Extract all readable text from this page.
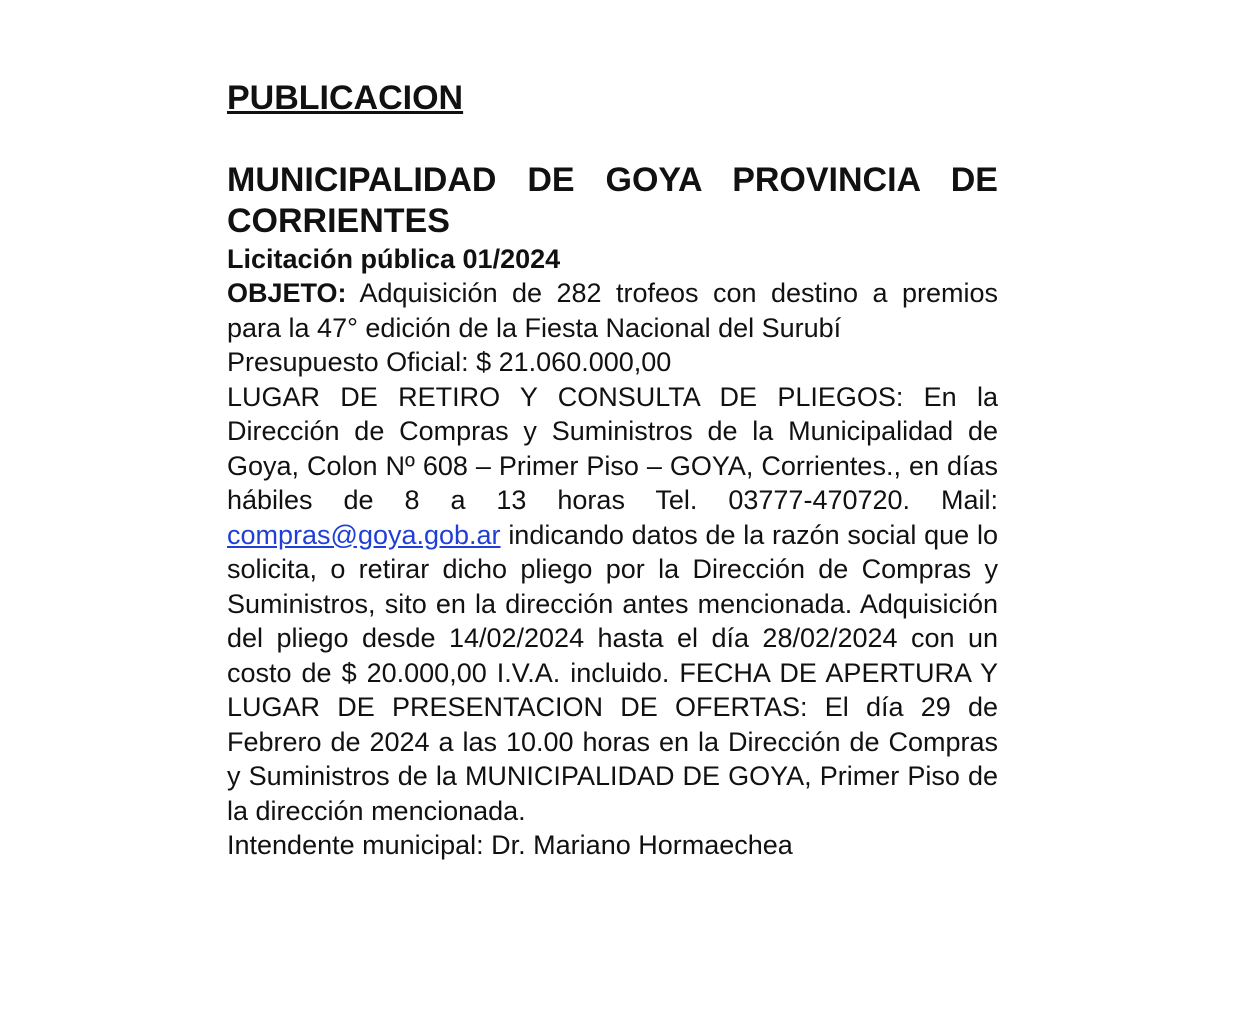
PUBLICACION
MUNICIPALIDAD DE GOYA PROVINCIA DE CORRIENTES
Licitación pública 01/2024

OBJETO: Adquisición de 282 trofeos con destino a premios para la 47° edición de la Fiesta Nacional del Surubí

Presupuesto Oficial: $ 21.060.000,00

LUGAR DE RETIRO Y CONSULTA DE PLIEGOS: En la Dirección de Compras y Suministros de la Municipalidad de Goya, Colon Nº 608 – Primer Piso – GOYA, Corrientes., en días hábiles de 8 a 13 horas Tel. 03777-470720. Mail: compras@goya.gob.ar indicando datos de la razón social que lo solicita, o retirar dicho pliego por la Dirección de Compras y Suministros, sito en la dirección antes mencionada. Adquisición del pliego desde 14/02/2024 hasta el día 28/02/2024 con un costo de $ 20.000,00 I.V.A. incluido. FECHA DE APERTURA Y LUGAR DE PRESENTACION DE OFERTAS: El día 29 de Febrero de 2024 a las 10.00 horas en la Dirección de Compras y Suministros de la MUNICIPALIDAD DE GOYA, Primer Piso de la dirección mencionada.

Intendente municipal: Dr. Mariano Hormaechea
